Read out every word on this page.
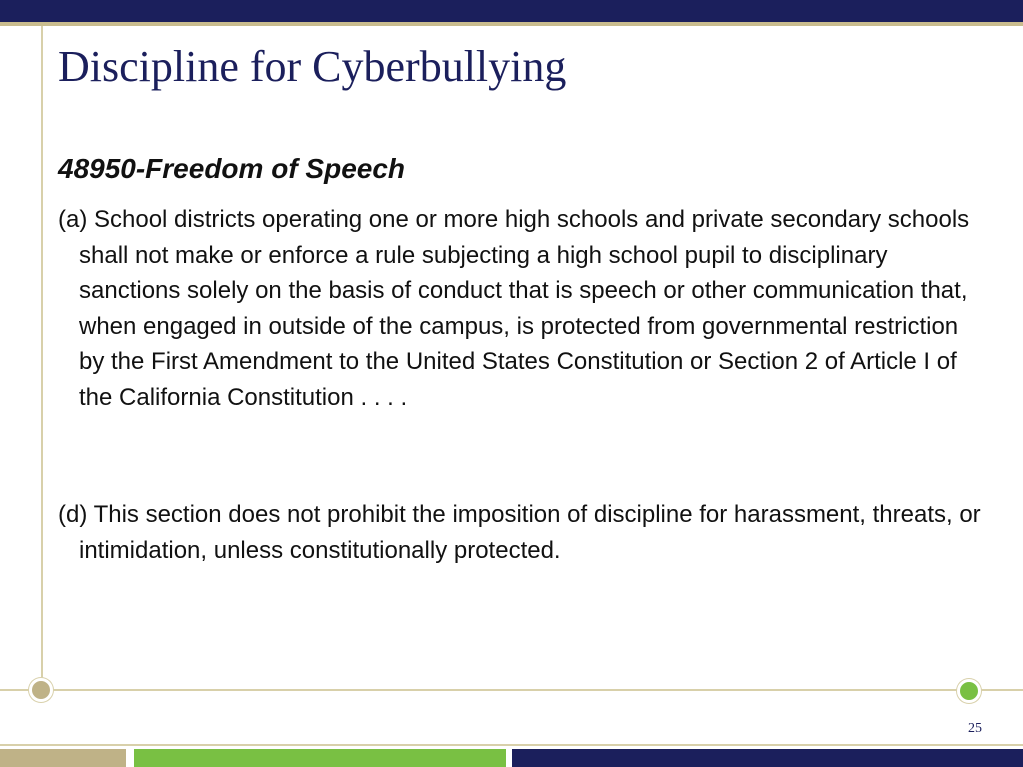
Discipline for Cyberbullying
48950-Freedom of Speech

(a) School districts operating one or more high schools and private secondary schools shall not make or enforce a rule subjecting a high school pupil to disciplinary sanctions solely on the basis of conduct that is speech or other communication that, when engaged in outside of the campus, is protected from governmental restriction by the First Amendment to the United States Constitution or Section 2 of Article I of the California Constitution . . . .

(d) This section does not prohibit the imposition of discipline for harassment, threats, or intimidation, unless constitutionally protected.

25
